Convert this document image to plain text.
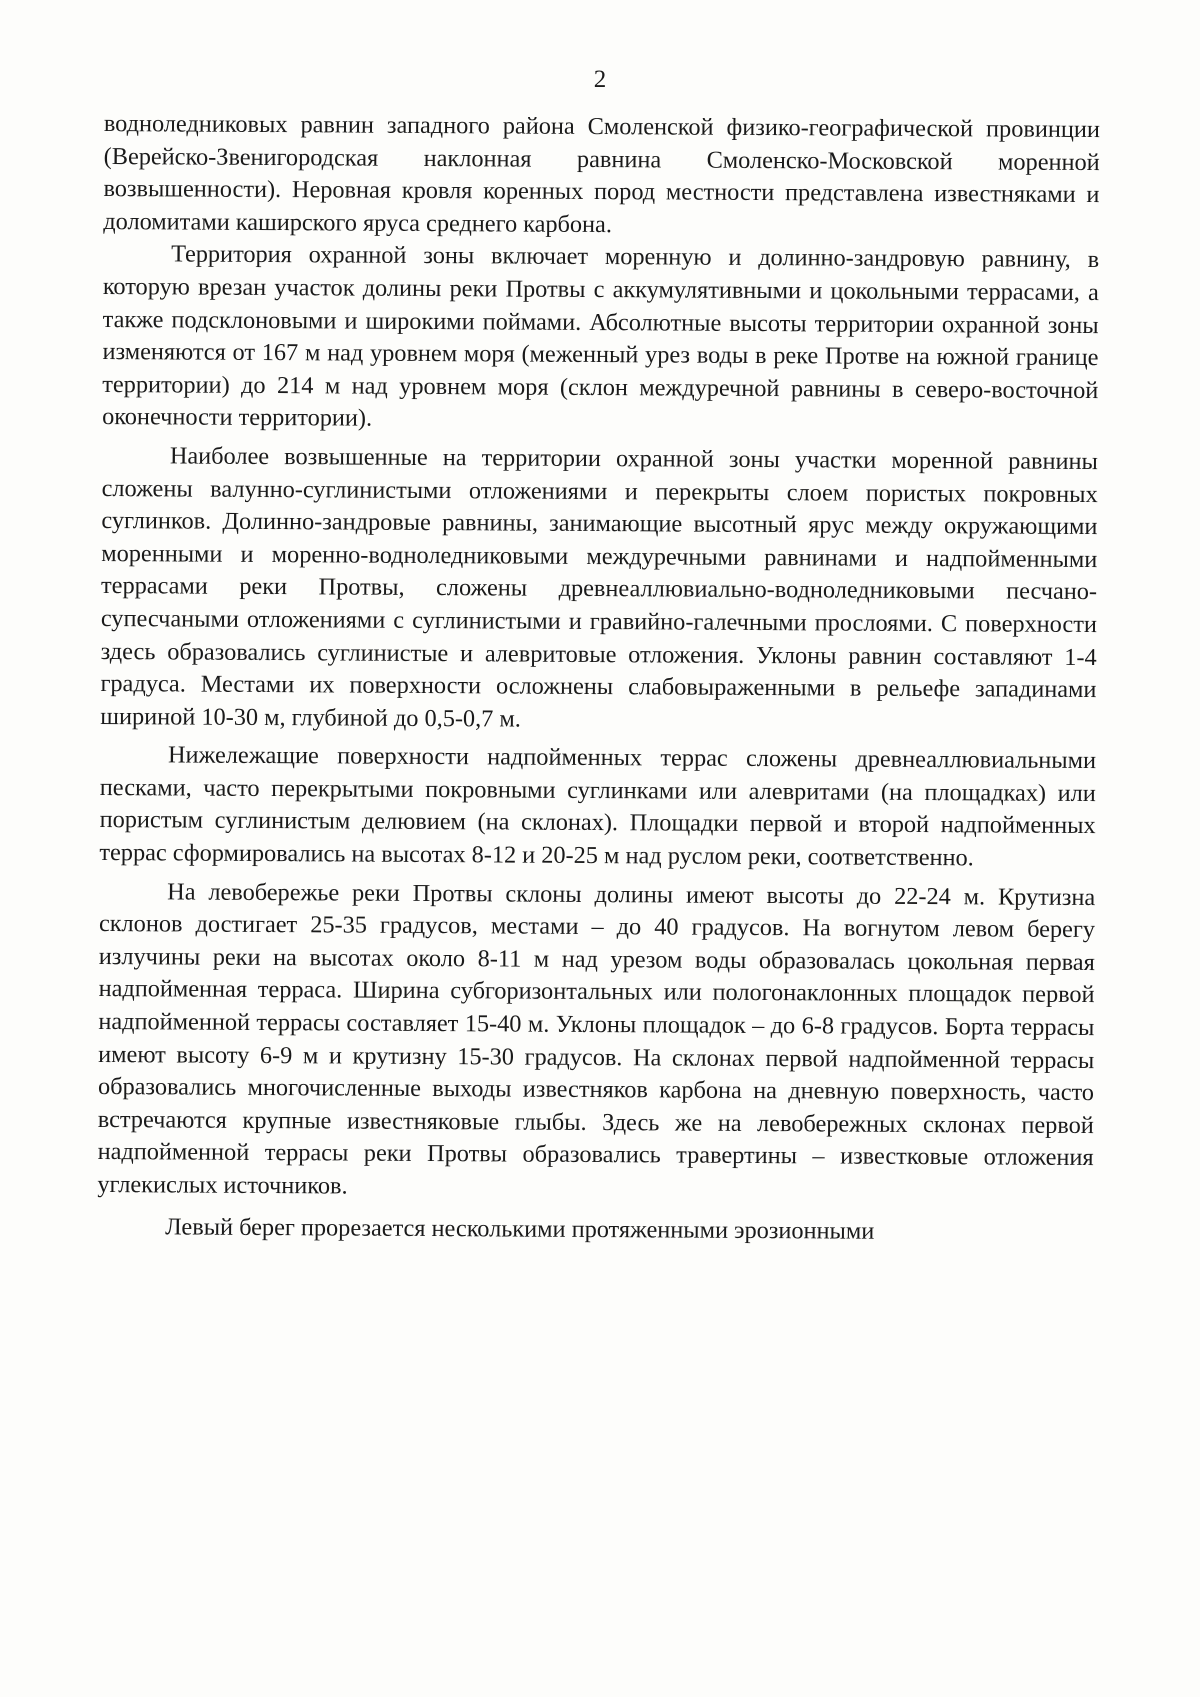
2

водноледниковых равнин западного района Смоленской физико-географической провинции (Верейско-Звенигородская наклонная равнина Смоленско-Московской моренной возвышенности). Неровная кровля коренных пород местности представлена известняками и доломитами каширского яруса среднего карбона.

Территория охранной зоны включает моренную и долинно-зандровую равнину, в которую врезан участок долины реки Протвы с аккумулятивными и цокольными террасами, а также подсклоновыми и широкими поймами. Абсолютные высоты территории охранной зоны изменяются от 167 м над уровнем моря (меженный урез воды в реке Протве на южной границе территории) до 214 м над уровнем моря (склон междуречной равнины в северо-восточной оконечности территории).

Наиболее возвышенные на территории охранной зоны участки моренной равнины сложены валунно-суглинистыми отложениями и перекрыты слоем пористых покровных суглинков. Долинно-зандровые равнины, занимающие высотный ярус между окружающими моренными и моренно-водноледниковыми междуречными равнинами и надпойменными террасами реки Протвы, сложены древнеаллювиально-водноледниковыми песчано-супесчаными отложениями с суглинистыми и гравийно-галечными прослоями. С поверхности здесь образовались суглинистые и алевритовые отложения. Уклоны равнин составляют 1-4 градуса. Местами их поверхности осложнены слабовыраженными в рельефе западинами шириной 10-30 м, глубиной до 0,5-0,7 м.

Нижележащие поверхности надпойменных террас сложены древнеаллювиальными песками, часто перекрытыми покровными суглинками или алевритами (на площадках) или пористым суглинистым делювием (на склонах). Площадки первой и второй надпойменных террас сформировались на высотах 8-12 и 20-25 м над руслом реки, соответственно.

На левобережье реки Протвы склоны долины имеют высоты до 22-24 м. Крутизна склонов достигает 25-35 градусов, местами – до 40 градусов. На вогнутом левом берегу излучины реки на высотах около 8-11 м над урезом воды образовалась цокольная первая надпойменная терраса. Ширина субгоризонтальных или пологонаклонных площадок первой надпойменной террасы составляет 15-40 м. Уклоны площадок – до 6-8 градусов. Борта террасы имеют высоту 6-9 м и крутизну 15-30 градусов. На склонах первой надпойменной террасы образовались многочисленные выходы известняков карбона на дневную поверхность, часто встречаются крупные известняковые глыбы. Здесь же на левобережных склонах первой надпойменной террасы реки Протвы образовались травертины – известковые отложения углекислых источников.

Левый берег прорезается несколькими протяженными эрозионными
